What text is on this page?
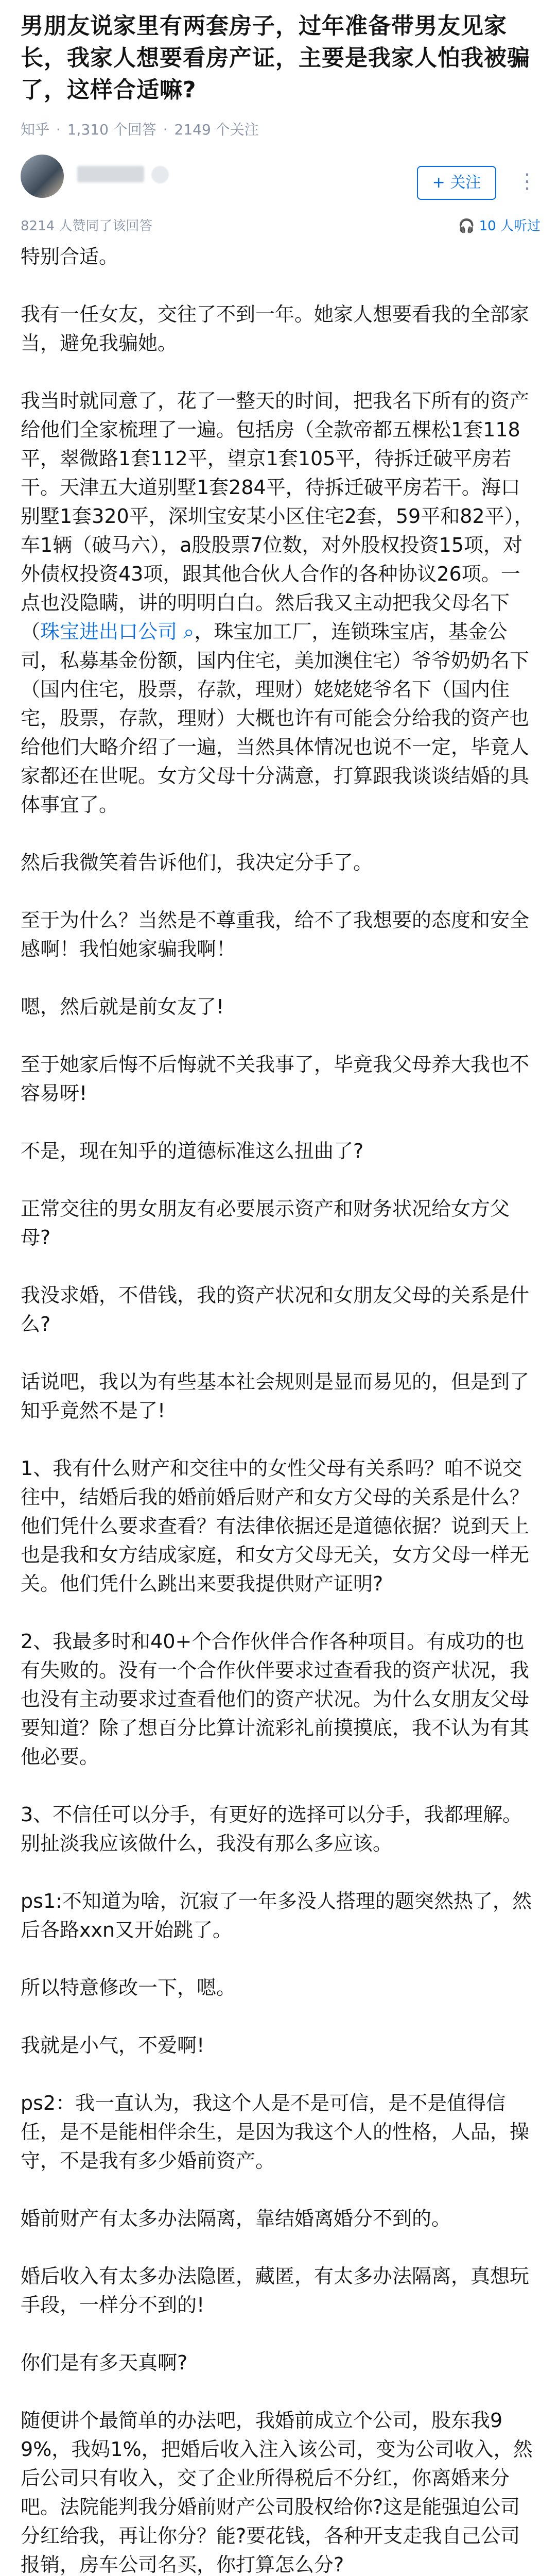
男朋友说家里有两套房子，过年准备带男友见家长，我家人想要看房产证，主要是我家人怕我被骗了，这样合适嘛?
知乎 · 1,310 个回答 · 2149 个关注
+ 关注	⋮
8214 人赞同了该回答	🎧 10 人听过

特别合适。

我有一任女友，交往了不到一年。她家人想要看我的全部家当，避免我骗她。

我当时就同意了，花了一整天的时间，把我名下所有的资产给他们全家梳理了一遍。包括房（全款帝都五棵松1套118平，翠微路1套112平，望京1套105平，待拆迁破平房若干。天津五大道别墅1套284平，待拆迁破平房若干。海口别墅1套320平，深圳宝安某小区住宅2套，59平和82平），车1辆（破马六），a股股票7位数，对外股权投资15项，对外债权投资43项，跟其他合伙人合作的各种协议26项。一点也没隐瞒，讲的明明白白。然后我又主动把我父母名下（珠宝进出口公司 ⌕，珠宝加工厂，连锁珠宝店，基金公司，私募基金份额，国内住宅，美加澳住宅）爷爷奶奶名下（国内住宅，股票，存款，理财）姥姥姥爷名下（国内住宅，股票，存款，理财）大概也许有可能会分给我的资产也给他们大略介绍了一遍，当然具体情况也说不一定，毕竟人家都还在世呢。女方父母十分满意，打算跟我谈谈结婚的具体事宜了。

然后我微笑着告诉他们，我决定分手了。

至于为什么？当然是不尊重我，给不了我想要的态度和安全感啊！我怕她家骗我啊！

嗯，然后就是前女友了!

至于她家后悔不后悔就不关我事了，毕竟我父母养大我也不容易呀!

不是，现在知乎的道德标准这么扭曲了?

正常交往的男女朋友有必要展示资产和财务状况给女方父母?

我没求婚，不借钱，我的资产状况和女朋友父母的关系是什么?

话说吧，我以为有些基本社会规则是显而易见的，但是到了知乎竟然不是了!

1、我有什么财产和交往中的女性父母有关系吗？咱不说交往中，结婚后我的婚前婚后财产和女方父母的关系是什么？他们凭什么要求查看？有法律依据还是道德依据？说到天上也是我和女方结成家庭，和女方父母无关，女方父母一样无关。他们凭什么跳出来要我提供财产证明?

2、我最多时和40+个合作伙伴合作各种项目。有成功的也有失败的。没有一个合作伙伴要求过查看我的资产状况，我也没有主动要求过查看他们的资产状况。为什么女朋友父母要知道？除了想百分比算计流彩礼前摸摸底，我不认为有其他必要。

3、不信任可以分手，有更好的选择可以分手，我都理解。别扯淡我应该做什么，我没有那么多应该。

ps1:不知道为啥，沉寂了一年多没人搭理的题突然热了，然后各路xxn又开始跳了。

所以特意修改一下，嗯。

我就是小气，不爱啊!

ps2：我一直认为，我这个人是不是可信，是不是值得信任，是不是能相伴余生，是因为我这个人的性格，人品，操守，不是我有多少婚前资产。

婚前财产有太多办法隔离，靠结婚离婚分不到的。

婚后收入有太多办法隐匿，藏匿，有太多办法隔离，真想玩手段，一样分不到的!

你们是有多天真啊?

随便讲个最简单的办法吧，我婚前成立个公司，股东我99%，我妈1%，把婚后收入注入该公司，变为公司收入，然后公司只有收入，交了企业所得税后不分红，你离婚来分吧。法院能判我分婚前财产公司股权给你?这是能强迫公司分红给我，再让你分？能?要花钱，各种开支走我自己公司报销，房车公司名买，你打算怎么分?
